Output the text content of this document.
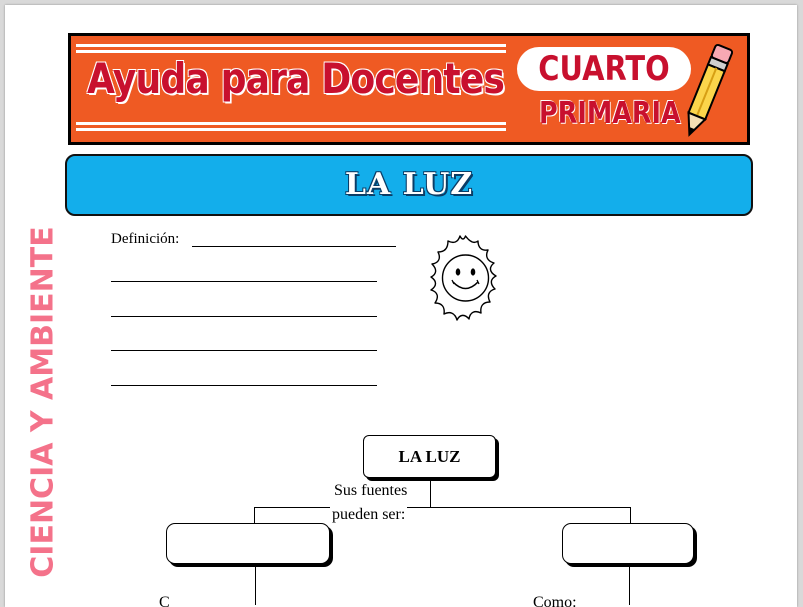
Ayuda para Docentes CUARTO
PRIMARIA
LA LUZ
CIENCIA Y AMBIENTE	Definición:
LA LUZ
Sus fuentes
pueden ser:
C	Como:
